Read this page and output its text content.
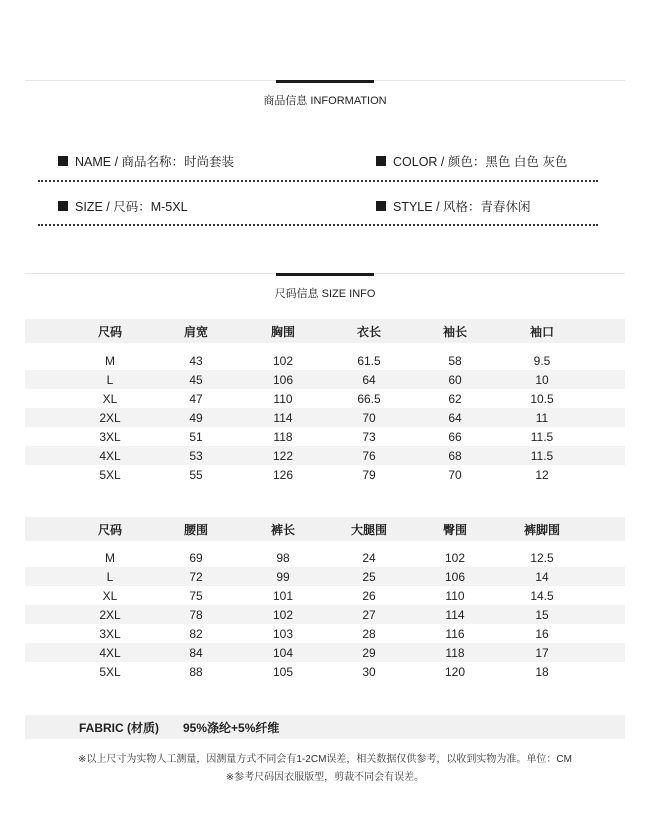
商品信息 INFORMATION
NAME / 商品名称：时尚套装	COLOR / 颜色：黑色 白色 灰色
SIZE / 尺码：M-5XL	STYLE / 风格：青春休闲
尺码信息 SIZE INFO
尺码	肩宽	胸围	衣长	袖长	袖口
M	43	102	61.5	58	9.5
L	45	106	64	60	10
XL	47	110	66.5	62	10.5
2XL	49	114	70	64	11
3XL	51	118	73	66	11.5
4XL	53	122	76	68	11.5
5XL	55	126	79	70	12
尺码	腰围	裤长	大腿围	臀围	裤脚围
M	69	98	24	102	12.5
L	72	99	25	106	14
XL	75	101	26	110	14.5
2XL	78	102	27	114	15
3XL	82	103	28	116	16
4XL	84	104	29	118	17
5XL	88	105	30	120	18
FABRIC (材质) 95%涤纶+5%纤维
※以上尺寸为实物人工测量，因测量方式不同会有1-2CM误差，相关数据仅供参考，以收到实物为准。单位：CM
※参考尺码因衣服版型，剪裁不同会有误差。
